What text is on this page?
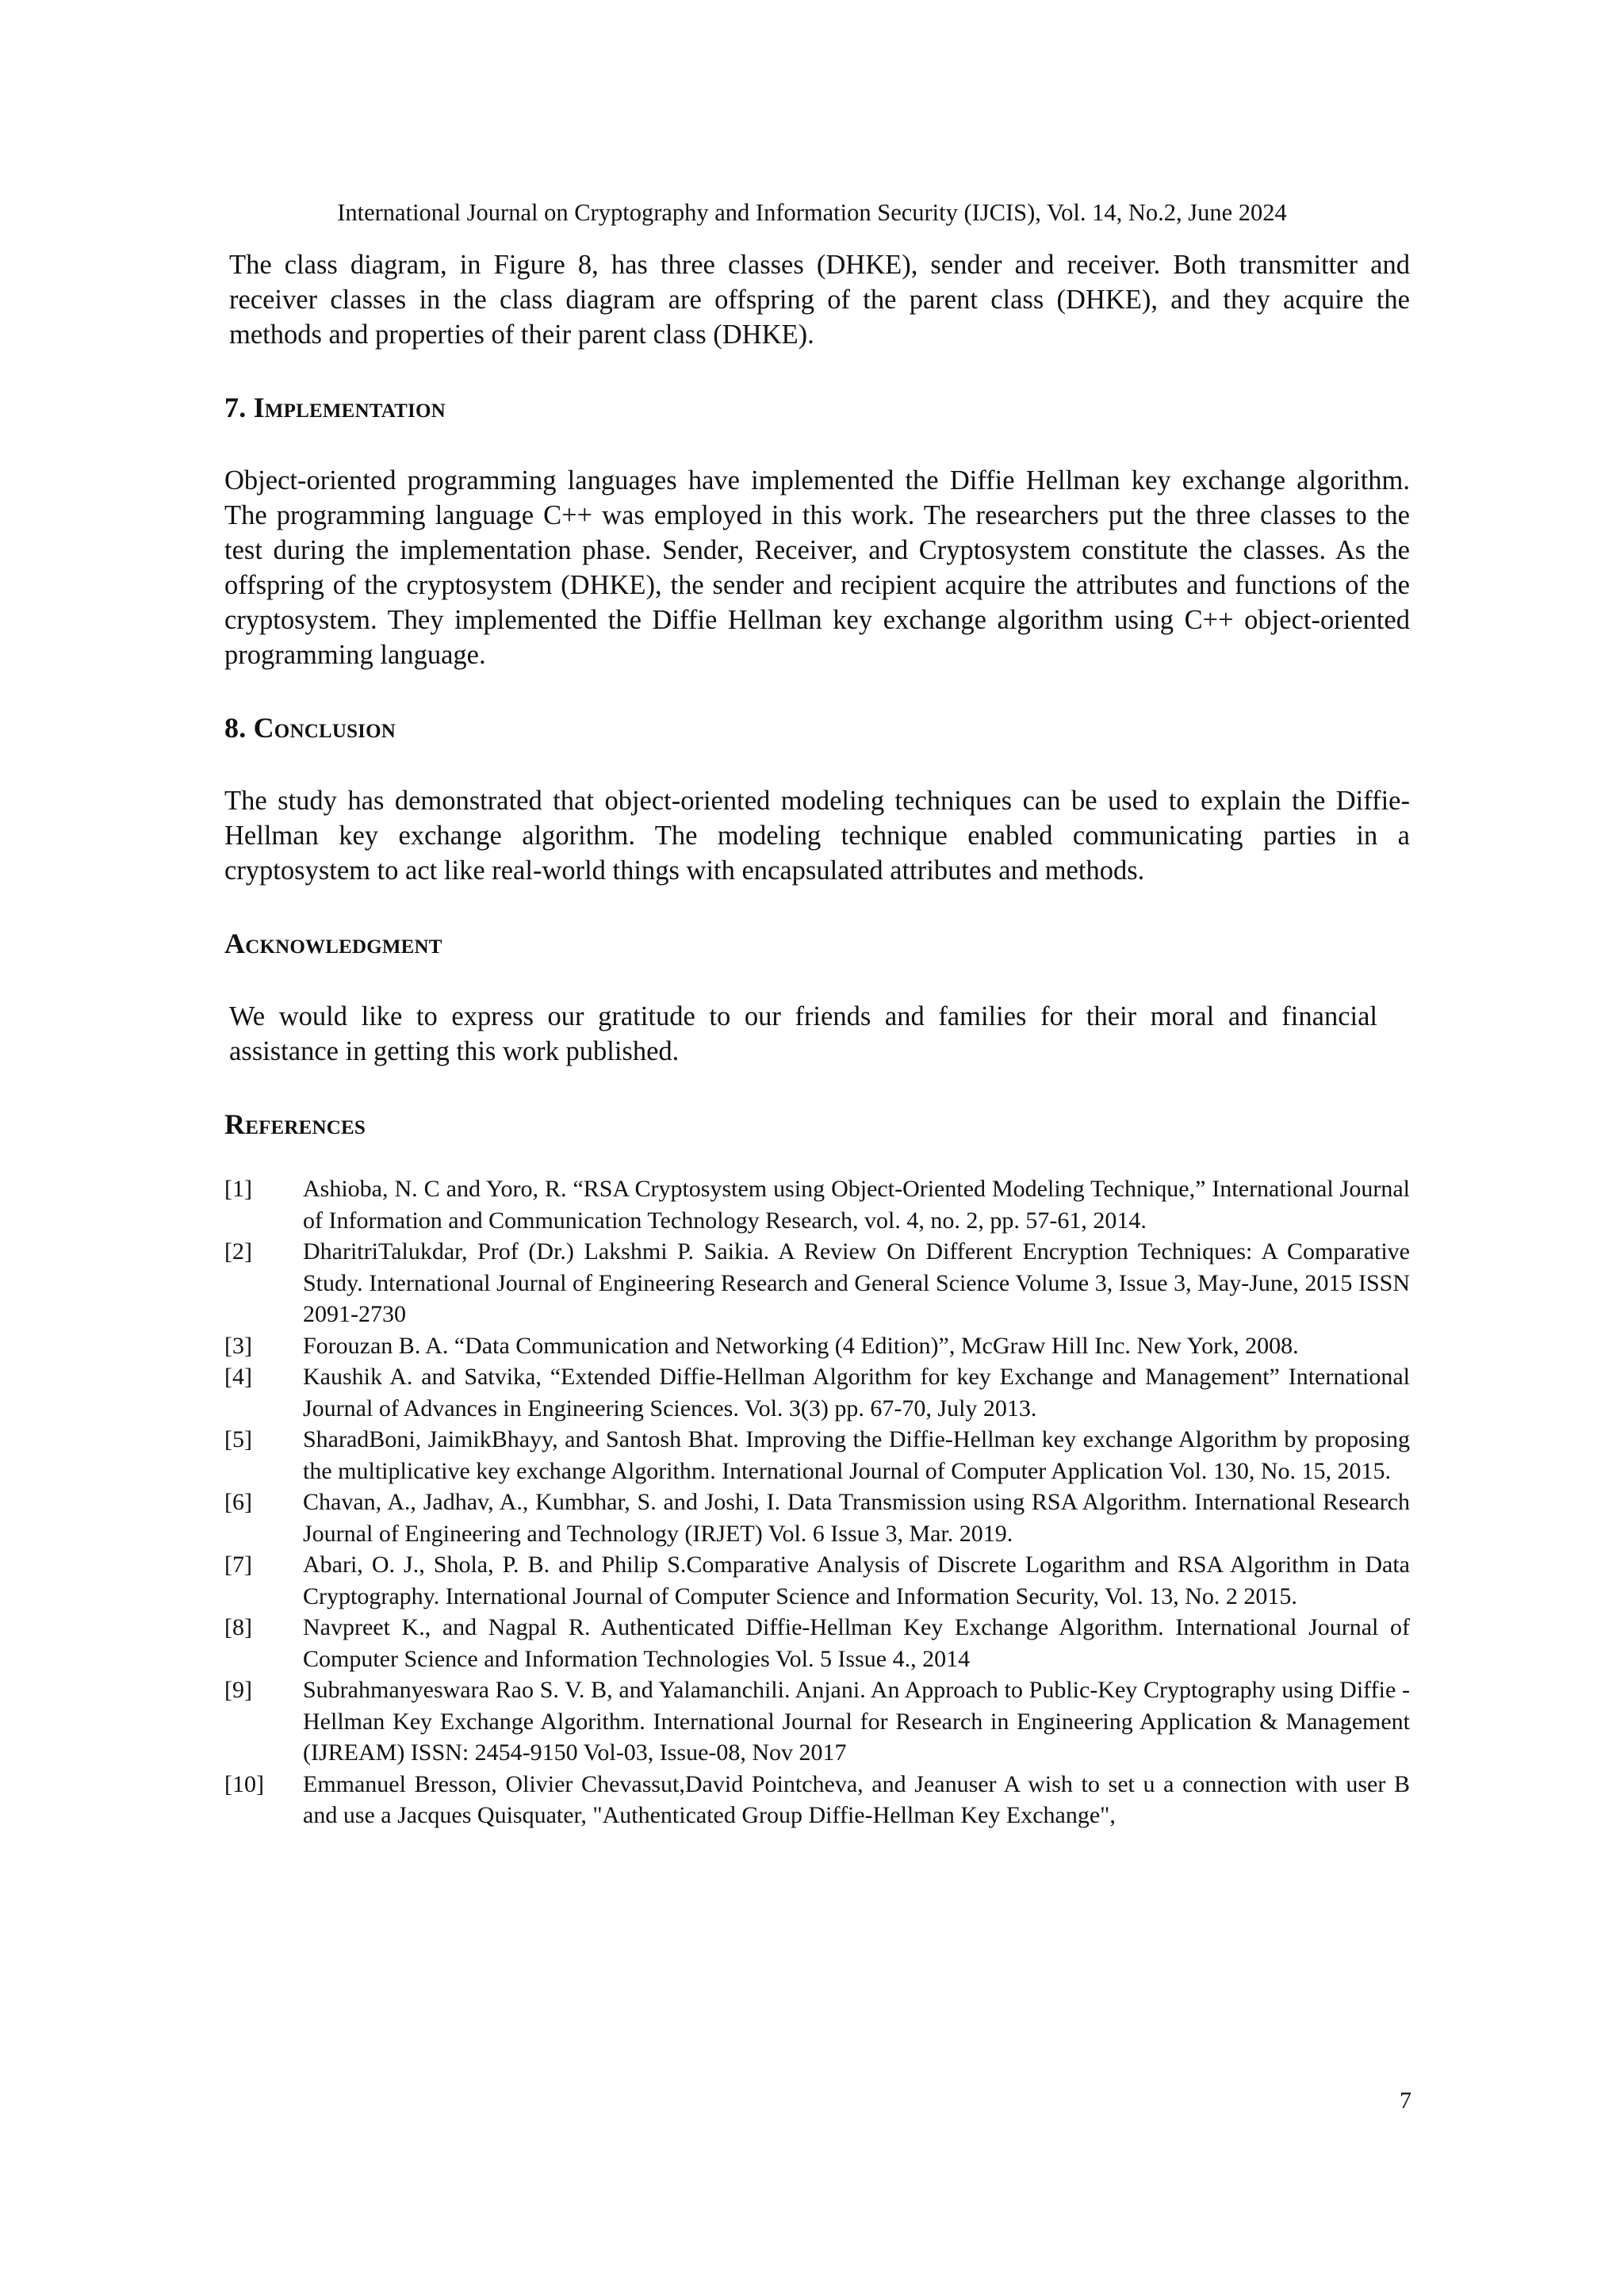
International Journal on Cryptography and Information Security (IJCIS), Vol. 14, No.2, June 2024

The class diagram, in Figure 8, has three classes (DHKE), sender and receiver. Both transmitter and receiver classes in the class diagram are offspring of the parent class (DHKE), and they acquire the methods and properties of their parent class (DHKE).

7. Implementation

Object-oriented programming languages have implemented the Diffie Hellman key exchange algorithm. The programming language C++ was employed in this work. The researchers put the three classes to the test during the implementation phase. Sender, Receiver, and Cryptosystem constitute the classes. As the offspring of the cryptosystem (DHKE), the sender and recipient acquire the attributes and functions of the cryptosystem. They implemented the Diffie Hellman key exchange algorithm using C++ object-oriented programming language.

8. Conclusion

The study has demonstrated that object-oriented modeling techniques can be used to explain the Diffie-Hellman key exchange algorithm. The modeling technique enabled communicating parties in a cryptosystem to act like real-world things with encapsulated attributes and methods.

Acknowledgment

We would like to express our gratitude to our friends and families for their moral and financial assistance in getting this work published.

References
[1] Ashioba, N. C and Yoro, R. “RSA Cryptosystem using Object-Oriented Modeling Technique,” International Journal of Information and Communication Technology Research, vol. 4, no. 2, pp. 57-61, 2014.
[2] DharitriTalukdar, Prof (Dr.) Lakshmi P. Saikia. A Review On Different Encryption Techniques: A Comparative Study. International Journal of Engineering Research and General Science Volume 3, Issue 3, May-June, 2015 ISSN 2091-2730
[3] Forouzan B. A. “Data Communication and Networking (4 Edition)”, McGraw Hill Inc. New York, 2008.
[4] Kaushik A. and Satvika, “Extended Diffie-Hellman Algorithm for key Exchange and Management” International Journal of Advances in Engineering Sciences. Vol. 3(3) pp. 67-70, July 2013.
[5] SharadBoni, JaimikBhayy, and Santosh Bhat. Improving the Diffie-Hellman key exchange Algorithm by proposing the multiplicative key exchange Algorithm. International Journal of Computer Application Vol. 130, No. 15, 2015.
[6] Chavan, A., Jadhav, A., Kumbhar, S. and Joshi, I. Data Transmission using RSA Algorithm. International Research Journal of Engineering and Technology (IRJET) Vol. 6 Issue 3, Mar. 2019.
[7] Abari, O. J., Shola, P. B. and Philip S.Comparative Analysis of Discrete Logarithm and RSA Algorithm in Data Cryptography. International Journal of Computer Science and Information Security, Vol. 13, No. 2 2015.
[8] Navpreet K., and Nagpal R. Authenticated Diffie-Hellman Key Exchange Algorithm. International Journal of Computer Science and Information Technologies Vol. 5 Issue 4., 2014
[9] Subrahmanyeswara Rao S. V. B, and Yalamanchili. Anjani. An Approach to Public-Key Cryptography using Diffie - Hellman Key Exchange Algorithm. International Journal for Research in Engineering Application & Management (IJREAM) ISSN: 2454-9150 Vol-03, Issue-08, Nov 2017
[10] Emmanuel Bresson, Olivier Chevassut,David Pointcheva, and Jeanuser A wish to set u a connection with user B and use a Jacques Quisquater, "Authenticated Group Diffie-Hellman Key Exchange",
7
